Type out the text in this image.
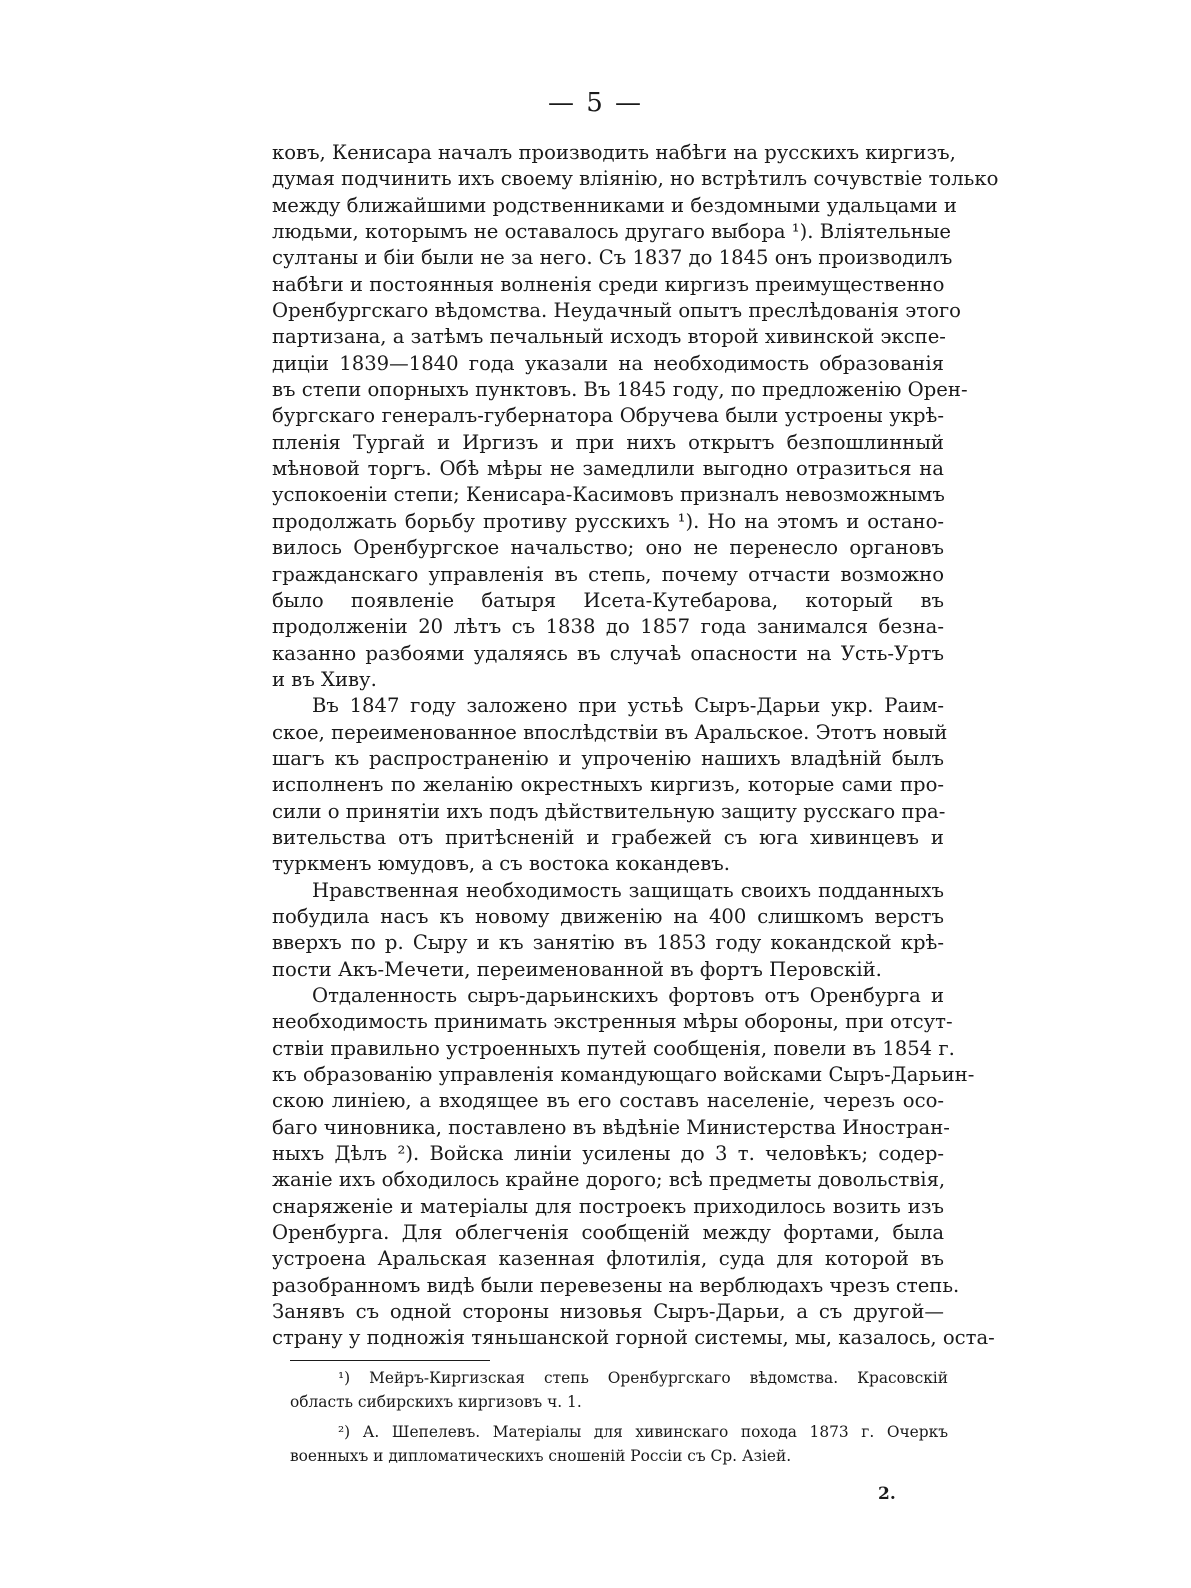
— 5 —
ковъ, Кенисара началъ производить набѣги на русскихъ киргизъ,
думая подчинить ихъ своему вліянію, но встрѣтилъ сочувствіе только
между ближайшими родственниками и бездомными удальцами и
людьми, которымъ не оставалось другаго выбора ¹). Вліятельные
султаны и біи были не за него. Съ 1837 до 1845 онъ производилъ
набѣги и постоянныя волненія среди киргизъ преимущественно
Оренбургскаго вѣдомства. Неудачный опытъ преслѣдованія этого
партизана, а затѣмъ печальный исходъ второй хивинской экспе-
диціи 1839—1840 года указали на необходимость образованія
въ степи опорныхъ пунктовъ. Въ 1845 году, по предложенію Орен-
бургскаго генералъ-губернатора Обручева были устроены укрѣ-
пленія Тургай и Иргизъ и при нихъ открытъ безпошлинный
мѣновой торгъ. Обѣ мѣры не замедлили выгодно отразиться на
успокоеніи степи; Кенисара-Касимовъ призналъ невозможнымъ
продолжать борьбу противу русскихъ ¹). Но на этомъ и остано-
вилось Оренбургское начальство; оно не перенесло органовъ
гражданскаго управленія въ степь, почему отчасти возможно
было появленіе батыря Исета-Кутебарова, который въ
продолженіи 20 лѣтъ съ 1838 до 1857 года занимался безна-
казанно разбоями удаляясь въ случаѣ опасности на Усть-Уртъ
и въ Хиву.
Въ 1847 году заложено при устьѣ Сыръ-Дарьи укр. Раим-
ское, переименованное впослѣдствіи въ Аральское. Этотъ новый
шагъ къ распространенію и упроченію нашихъ владѣній былъ
исполненъ по желанію окрестныхъ киргизъ, которые сами про-
сили о принятіи ихъ подъ дѣйствительную защиту русскаго пра-
вительства отъ притѣсненій и грабежей съ юга хивинцевъ и
туркменъ юмудовъ, а съ востока кокандевъ.
Нравственная необходимость защищать своихъ подданныхъ
побудила насъ къ новому движенію на 400 слишкомъ верстъ
вверхъ по р. Сыру и къ занятію въ 1853 году кокандской крѣ-
пости Акъ-Мечети, переименованной въ фортъ Перовскій.
Отдаленность сыръ-дарьинскихъ фортовъ отъ Оренбурга и
необходимость принимать экстренныя мѣры обороны, при отсут-
ствіи правильно устроенныхъ путей сообщенія, повели въ 1854 г.
къ образованію управленія командующаго войсками Сыръ-Дарьин-
скою линіею, а входящее въ его составъ населеніе, черезъ осо-
баго чиновника, поставлено въ вѣдѣніе Министерства Иностран-
ныхъ Дѣлъ ²). Войска линіи усилены до 3 т. человѣкъ; содер-
жаніе ихъ обходилось крайне дорого; всѣ предметы довольствія,
снаряженіе и матеріалы для построекъ приходилось возить изъ
Оренбурга. Для облегченія сообщеній между фортами, была
устроена Аральская казенная флотилія, суда для которой въ
разобранномъ видѣ были перевезены на верблюдахъ чрезъ степь.
Занявъ съ одной стороны низовья Сыръ-Дарьи, а съ другой—
страну у подножія тяньшанской горной системы, мы, казалось, оста-
¹) Мейръ-Киргизская степь Оренбургскаго вѣдомства. Красовскій
область сибирскихъ киргизовъ ч. 1.
²) А. Шепелевъ. Матеріалы для хивинскаго похода 1873 г. Очеркъ
военныхъ и дипломатическихъ сношеній Россіи съ Ср. Азіей.
2.
